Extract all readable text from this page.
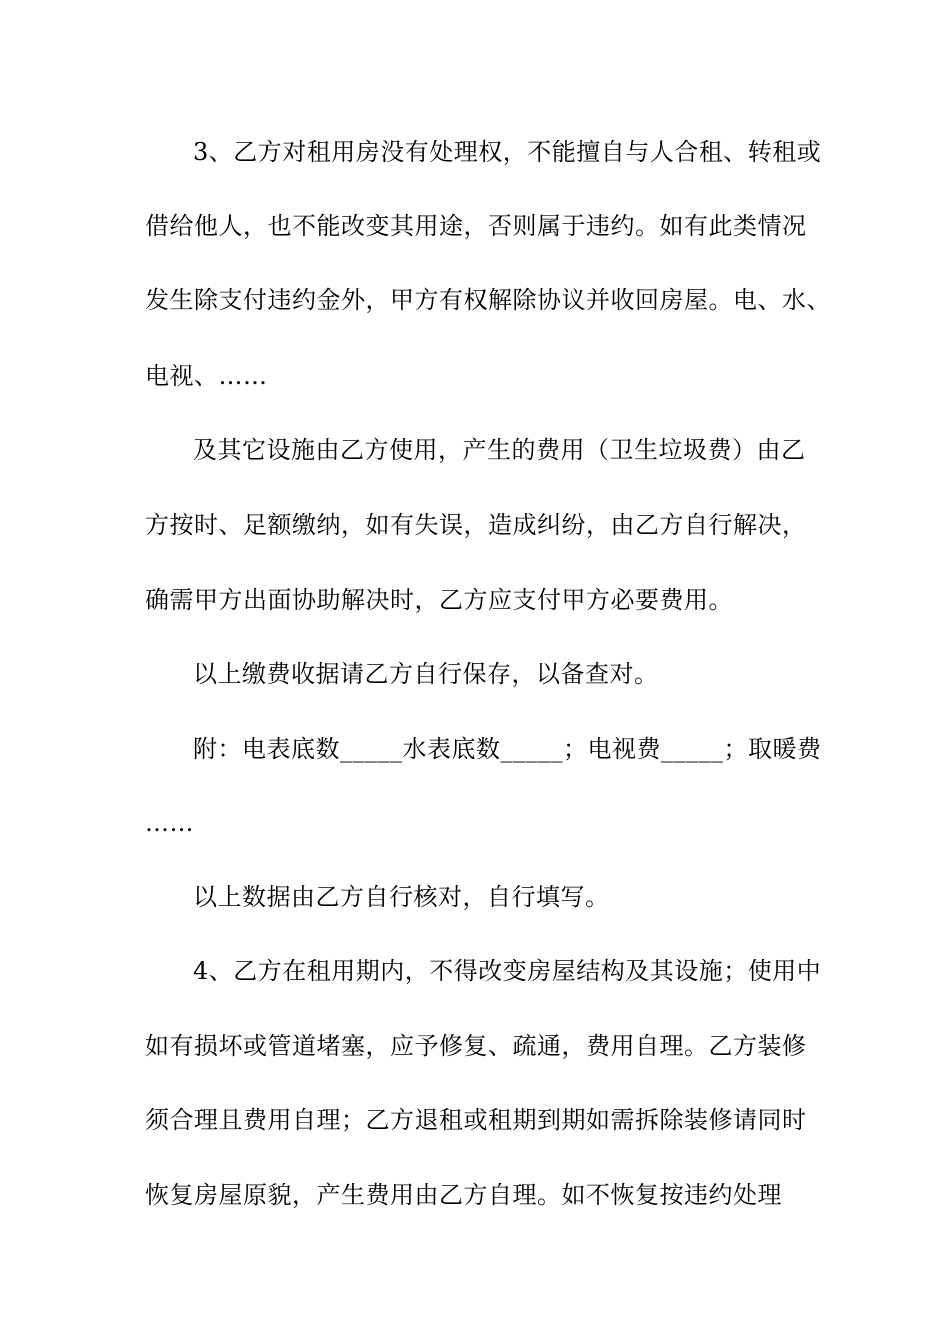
3、乙方对租用房没有处理权，不能擅自与人合租、转租或
借给他人，也不能改变其用途，否则属于违约。如有此类情况
发生除支付违约金外，甲方有权解除协议并收回房屋。电、水、
电视、……
及其它设施由乙方使用，产生的费用（卫生垃圾费）由乙
方按时、足额缴纳，如有失误，造成纠纷，由乙方自行解决，
确需甲方出面协助解决时，乙方应支付甲方必要费用。
以上缴费收据请乙方自行保存，以备查对。
附：电表底数_____水表底数_____；电视费_____；取暖费
……
以上数据由乙方自行核对，自行填写。
4、乙方在租用期内，不得改变房屋结构及其设施；使用中
如有损坏或管道堵塞，应予修复、疏通，费用自理。乙方装修
须合理且费用自理；乙方退租或租期到期如需拆除装修请同时
恢复房屋原貌，产生费用由乙方自理。如不恢复按违约处理
